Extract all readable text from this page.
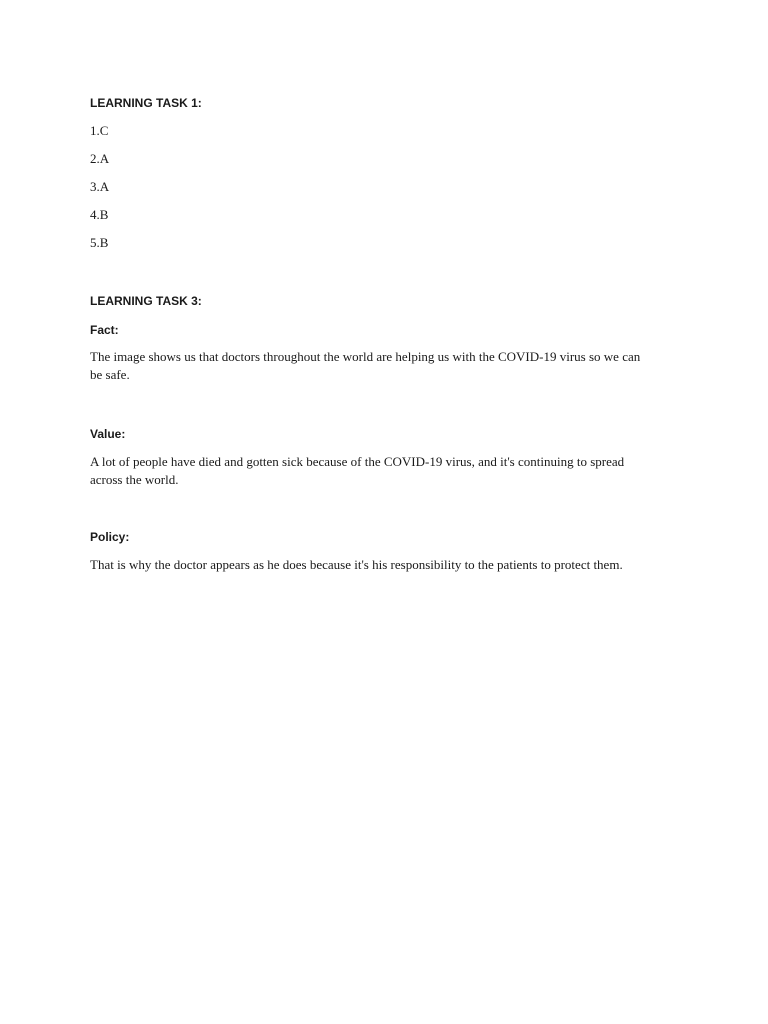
LEARNING TASK 1:
1.C
2.A
3.A
4.B
5.B
LEARNING TASK 3:
Fact:
The image shows us that doctors throughout the world are helping us with the COVID-19 virus so we can
be safe.
Value:
A lot of people have died and gotten sick because of the COVID-19 virus, and it's continuing to spread
across the world.
Policy:
That is why the doctor appears as he does because it's his responsibility to the patients to protect them.
